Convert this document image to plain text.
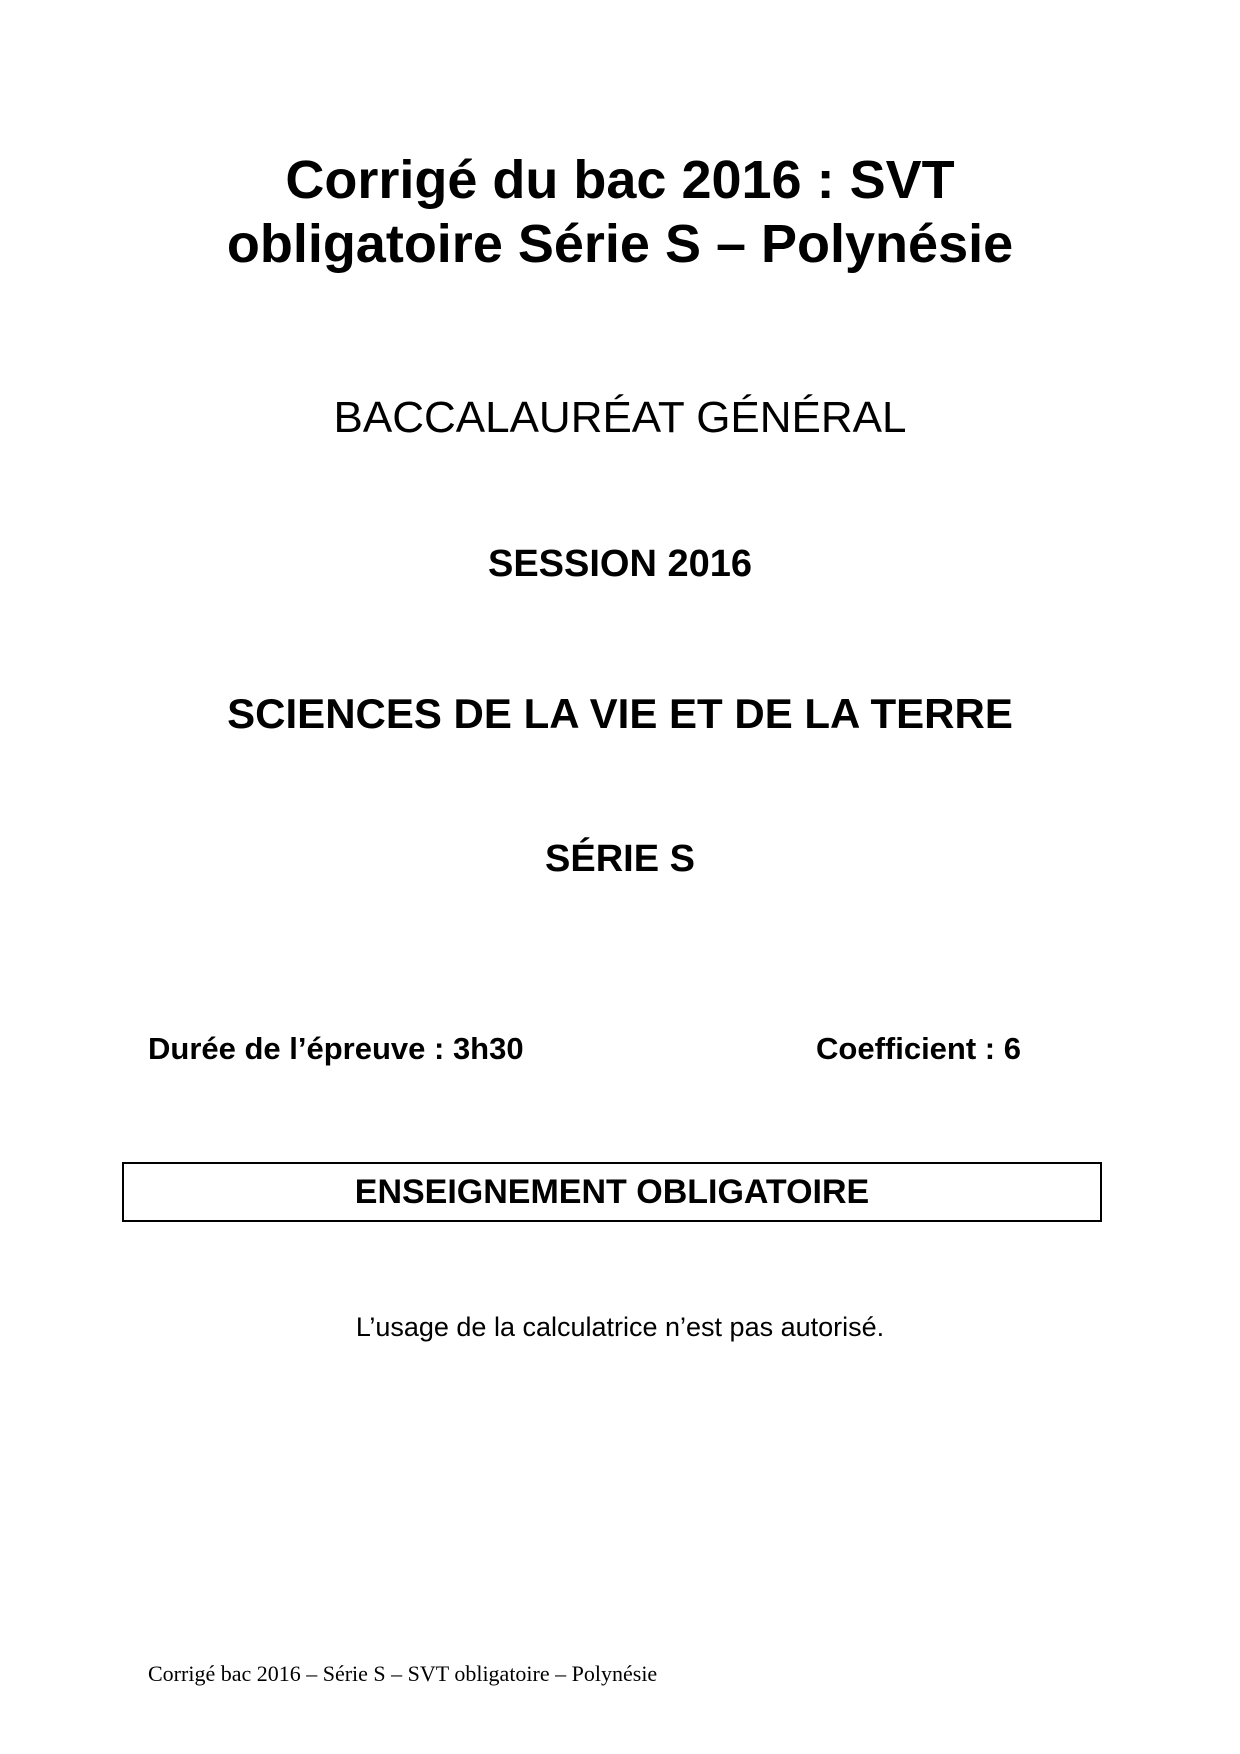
Corrigé du bac 2016 : SVT
obligatoire Série S – Polynésie
BACCALAURÉAT GÉNÉRAL
SESSION 2016
SCIENCES DE LA VIE ET DE LA TERRE
SÉRIE S
Durée de l’épreuve : 3h30	Coefficient : 6
ENSEIGNEMENT OBLIGATOIRE
L’usage de la calculatrice n’est pas autorisé.
Corrigé bac 2016 – Série S – SVT obligatoire – Polynésie
